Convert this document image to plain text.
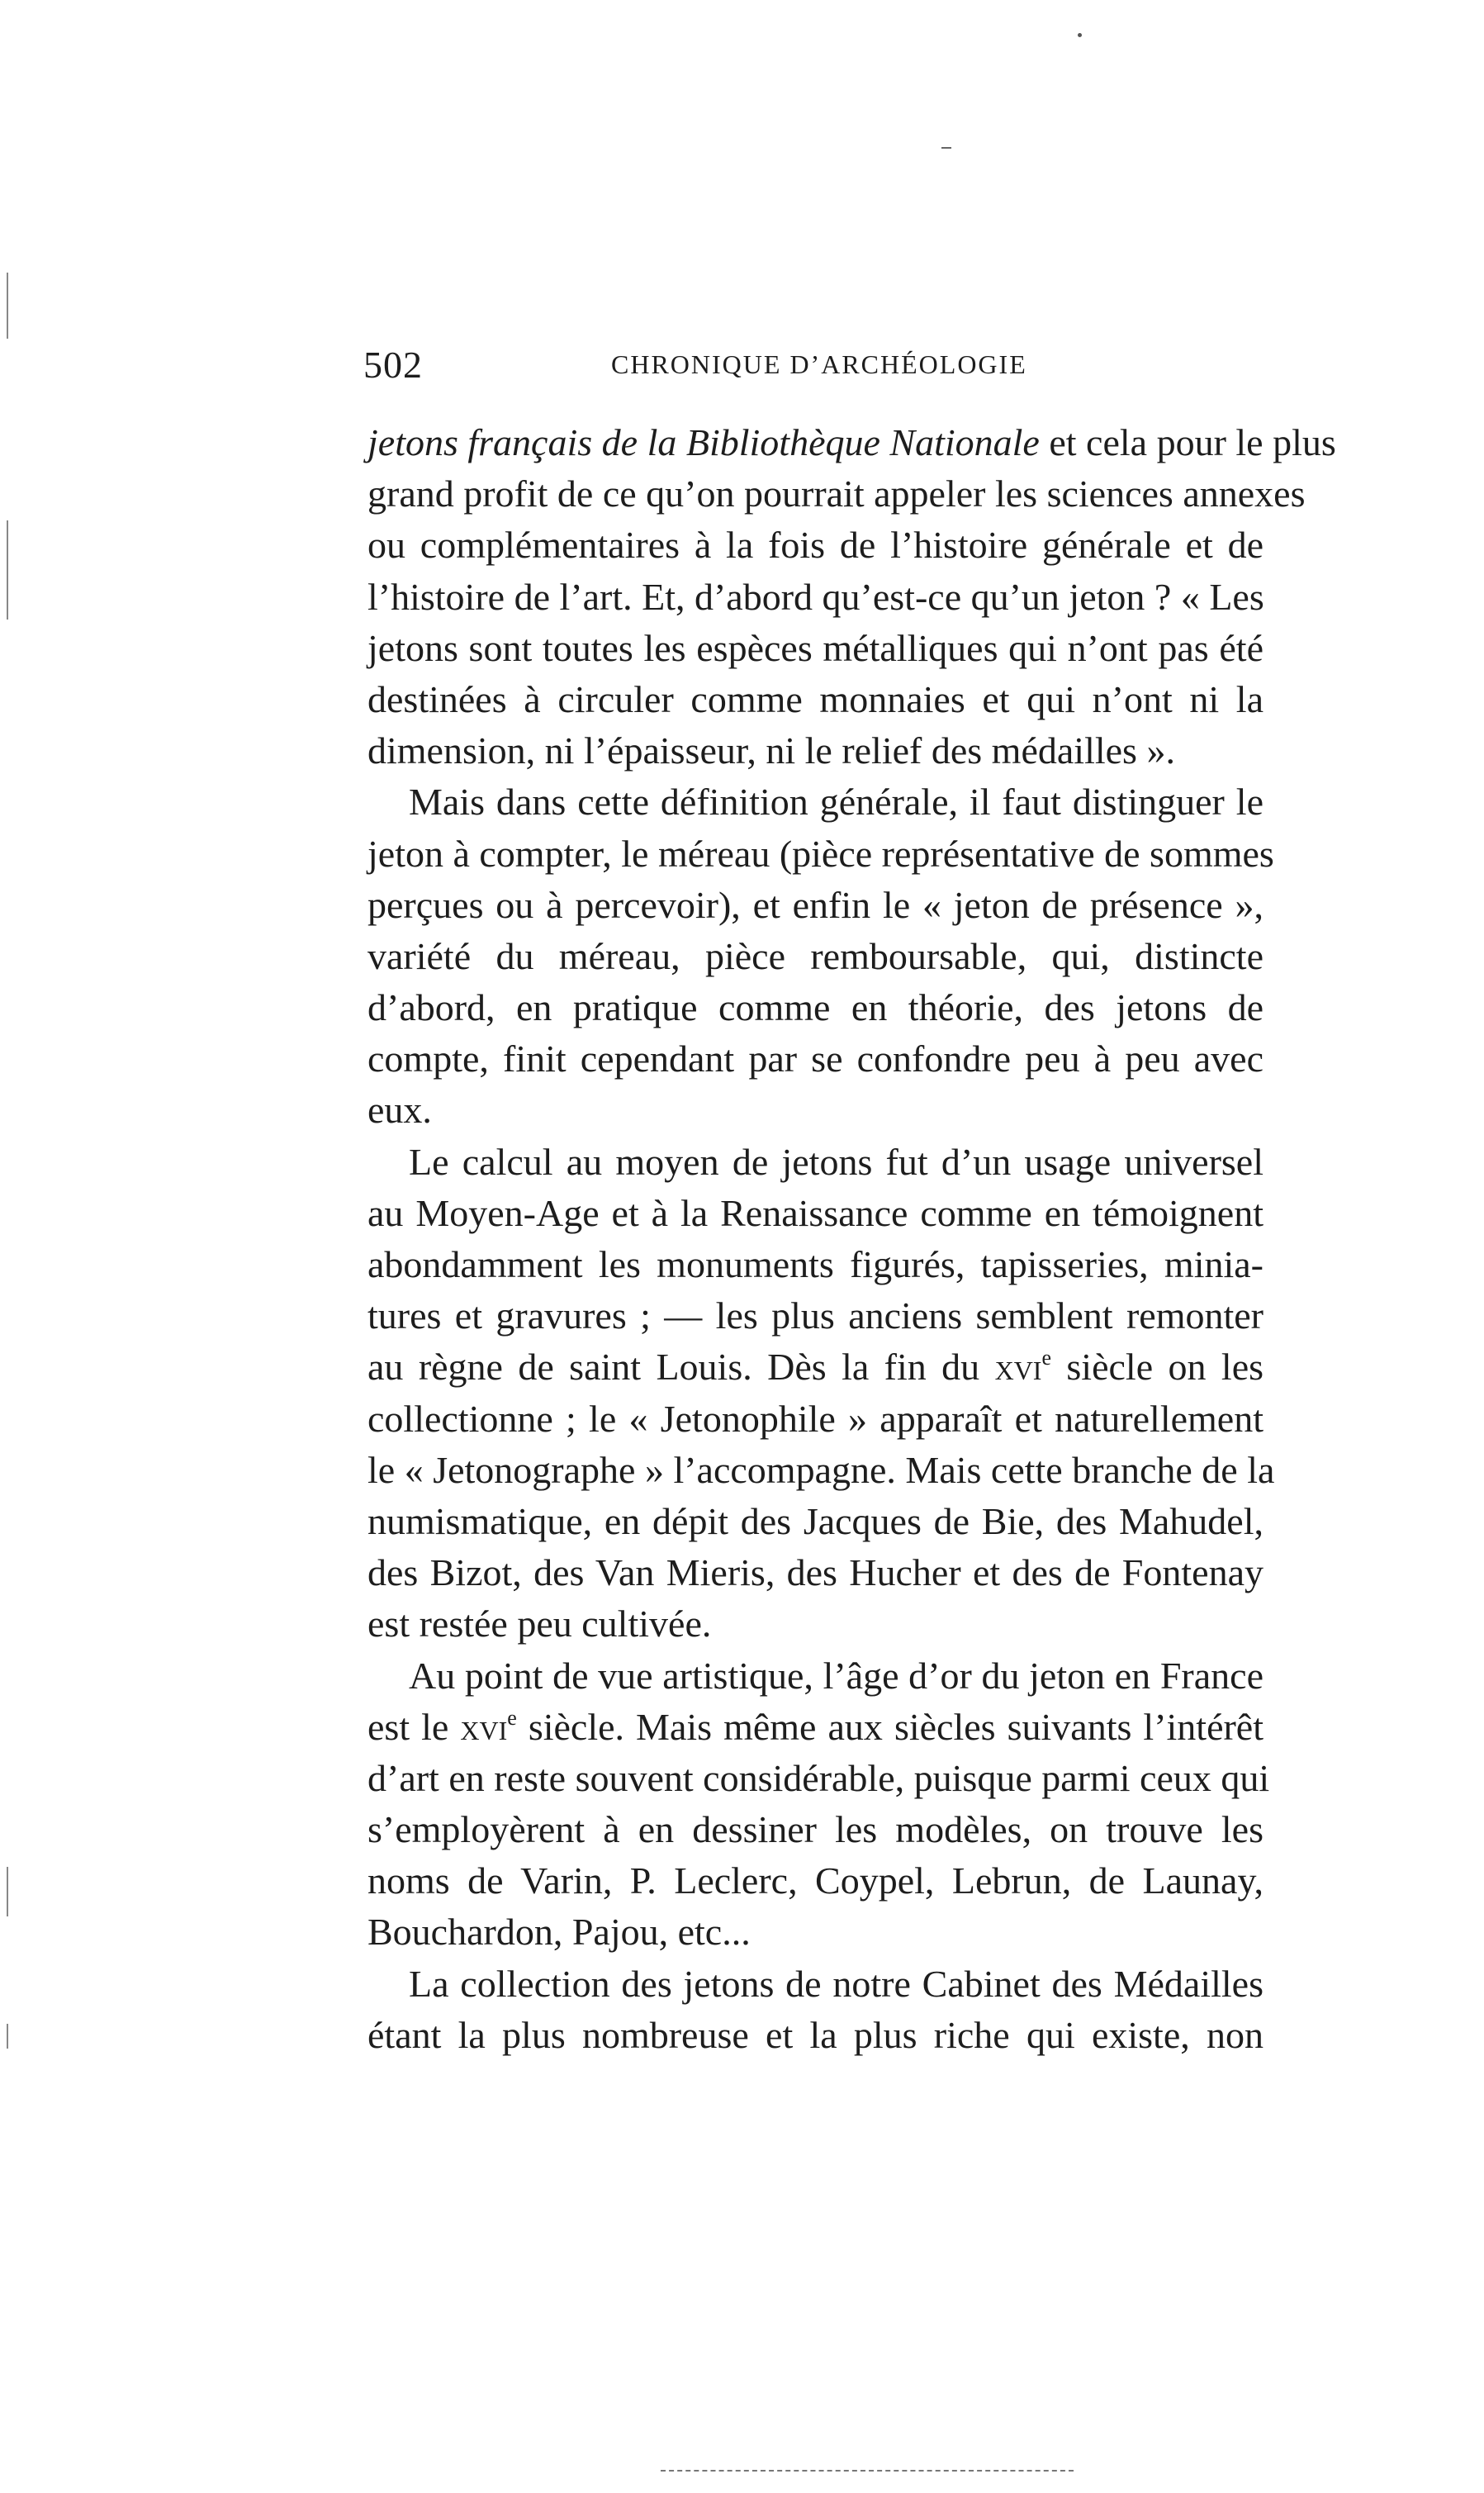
502	CHRONIQUE D’ARCHÉOLOGIE
jetons français de la Bibliothèque Nationale et cela pour le plus
grand profit de ce qu’on pourrait appeler les sciences annexes
ou complémentaires à la fois de l’histoire générale et de
l’histoire de l’art. Et, d’abord qu’est-ce qu’un jeton ? « Les
jetons sont toutes les espèces métalliques qui n’ont pas été
destinées à circuler comme monnaies et qui n’ont ni la
dimension, ni l’épaisseur, ni le relief des médailles ».
Mais dans cette définition générale, il faut distinguer le
jeton à compter, le méreau (pièce représentative de sommes
perçues ou à percevoir), et enfin le « jeton de présence »,
variété du méreau, pièce remboursable, qui, distincte
d’abord, en pratique comme en théorie, des jetons de
compte, finit cependant par se confondre peu à peu avec
eux.
Le calcul au moyen de jetons fut d’un usage universel
au Moyen-Age et à la Renaissance comme en témoignent
abondamment les monuments figurés, tapisseries, minia-
tures et gravures ; — les plus anciens semblent remonter
au règne de saint Louis. Dès la fin du xvi$^e$ siècle on les
collectionne ; le « Jetonophile » apparaît et naturellement
le « Jetonographe » l’accompagne. Mais cette branche de la
numismatique, en dépit des Jacques de Bie, des Mahudel,
des Bizot, des Van Mieris, des Hucher et des de Fontenay
est restée peu cultivée.
Au point de vue artistique, l’âge d’or du jeton en France
est le xvi$^e$ siècle. Mais même aux siècles suivants l’intérêt
d’art en reste souvent considérable, puisque parmi ceux qui
s’employèrent à en dessiner les modèles, on trouve les
noms de Varin, P. Leclerc, Coypel, Lebrun, de Launay,
Bouchardon, Pajou, etc...
La collection des jetons de notre Cabinet des Médailles
étant la plus nombreuse et la plus riche qui existe, non
